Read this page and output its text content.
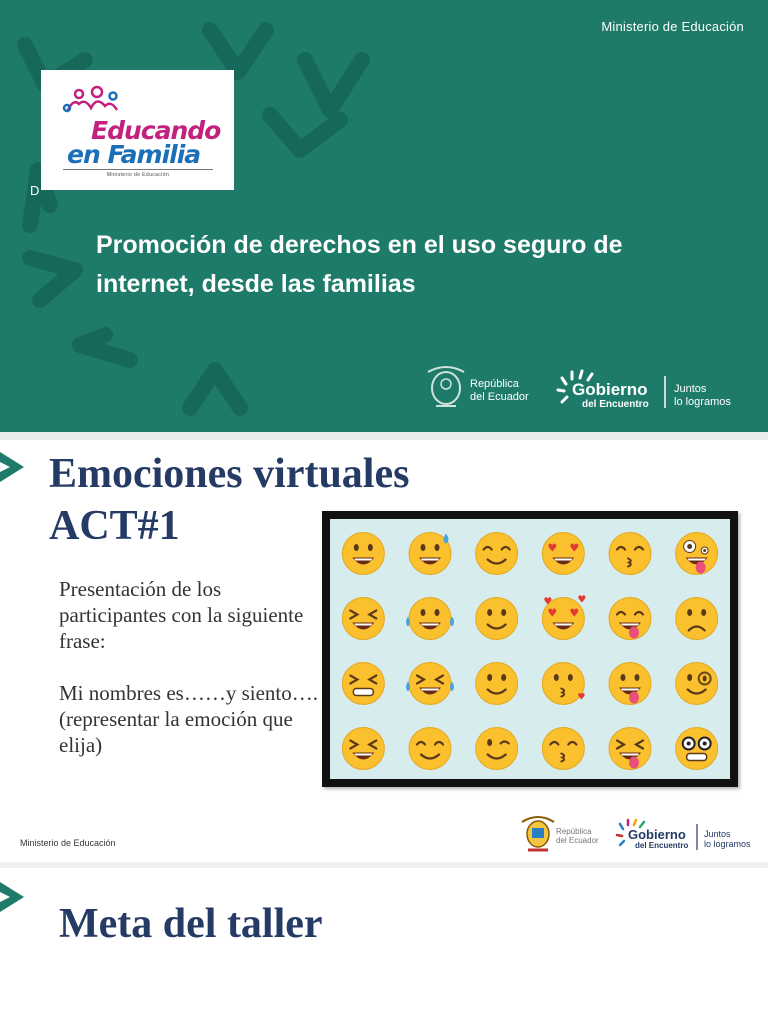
Ministerio de Educación
Educando
en Familia
Ministerio de Educación
D
Promoción de derechos en el uso seguro de internet, desde las familias
República
del Ecuador	Gobierno
del Encuentro
Juntos
lo logramos
Emociones virtuales
ACT#1

Presentación de los participantes con la siguiente frase:

Mi nombres es……y siento….(representar la emoción que elija)

♥ ♥
♥ ♥
♥	♥
♥
Ministerio de Educación
República
del Ecuador Gobierno
del Encuentro
Juntos
lo logramos
Meta del taller
